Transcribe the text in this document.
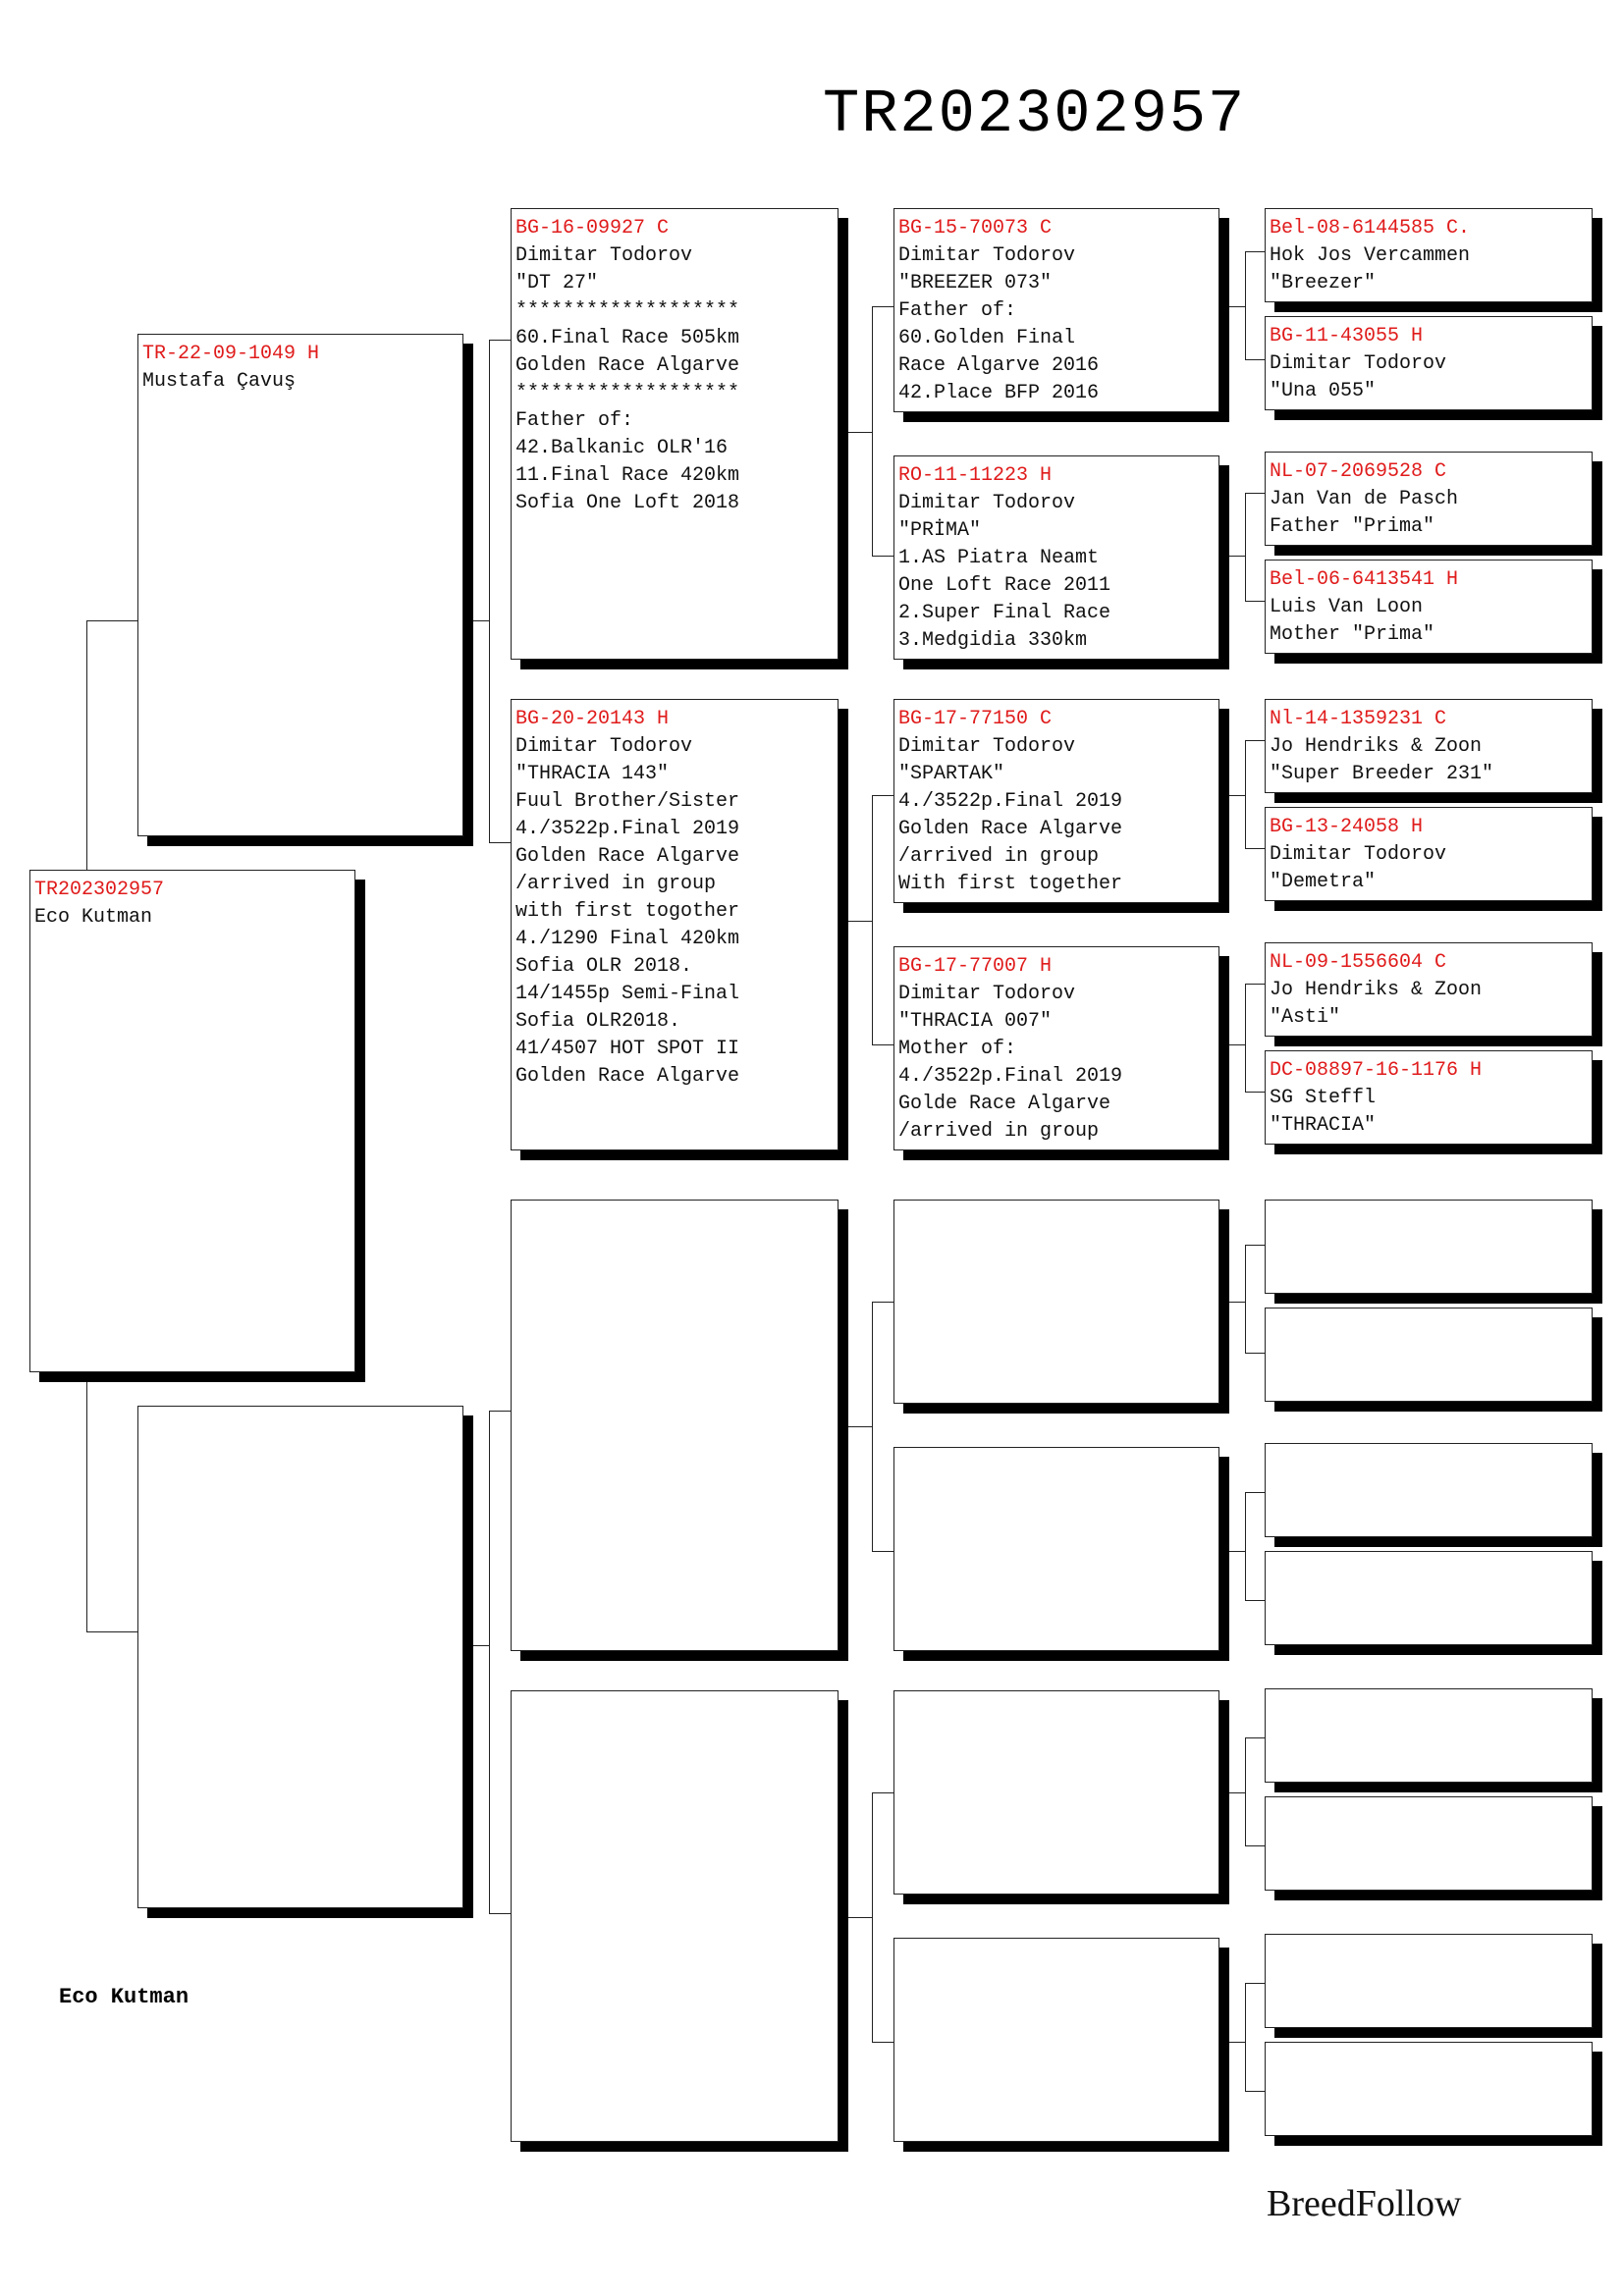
TR202302957
TR202302957
Eco Kutman
TR-22-09-1049 H
Mustafa Çavuş
BG-16-09927 C
Dimitar Todorov
"DT 27"
*******************
60.Final Race 505km
Golden Race Algarve
*******************
Father of:
42.Balkanic OLR'16
11.Final Race 420km
Sofia One Loft 2018
BG-20-20143 H
Dimitar Todorov
"THRACIA 143"
Fuul Brother/Sister
4./3522p.Final 2019
Golden Race Algarve
/arrived in group
with first togother
4./1290 Final 420km
Sofia OLR 2018.
14/1455p Semi-Final
Sofia OLR2018.
41/4507 HOT SPOT II
Golden Race Algarve
BG-15-70073 C
Dimitar Todorov
"BREEZER 073"
Father of:
60.Golden Final
Race Algarve 2016
42.Place BFP 2016
RO-11-11223 H
Dimitar Todorov
"PRİMA"
1.AS Piatra Neamt
One Loft Race 2011
2.Super Final Race
3.Medgidia 330km
BG-17-77150 C
Dimitar Todorov
"SPARTAK"
4./3522p.Final 2019
Golden Race Algarve
/arrived in group
With first together
BG-17-77007 H
Dimitar Todorov
"THRACIA 007"
Mother of:
4./3522p.Final 2019
Golde Race Algarve
/arrived in group
Bel-08-6144585 C.
Hok Jos Vercammen
"Breezer"
BG-11-43055 H
Dimitar Todorov
"Una 055"
NL-07-2069528 C
Jan Van de Pasch
Father "Prima"
Bel-06-6413541 H
Luis Van Loon
Mother "Prima"
Nl-14-1359231 C
Jo Hendriks & Zoon
"Super Breeder 231"
BG-13-24058 H
Dimitar Todorov
"Demetra"
NL-09-1556604 C
Jo Hendriks & Zoon
"Asti"
DC-08897-16-1176 H
SG Steffl
"THRACIA"
Eco Kutman
BreedFollow
